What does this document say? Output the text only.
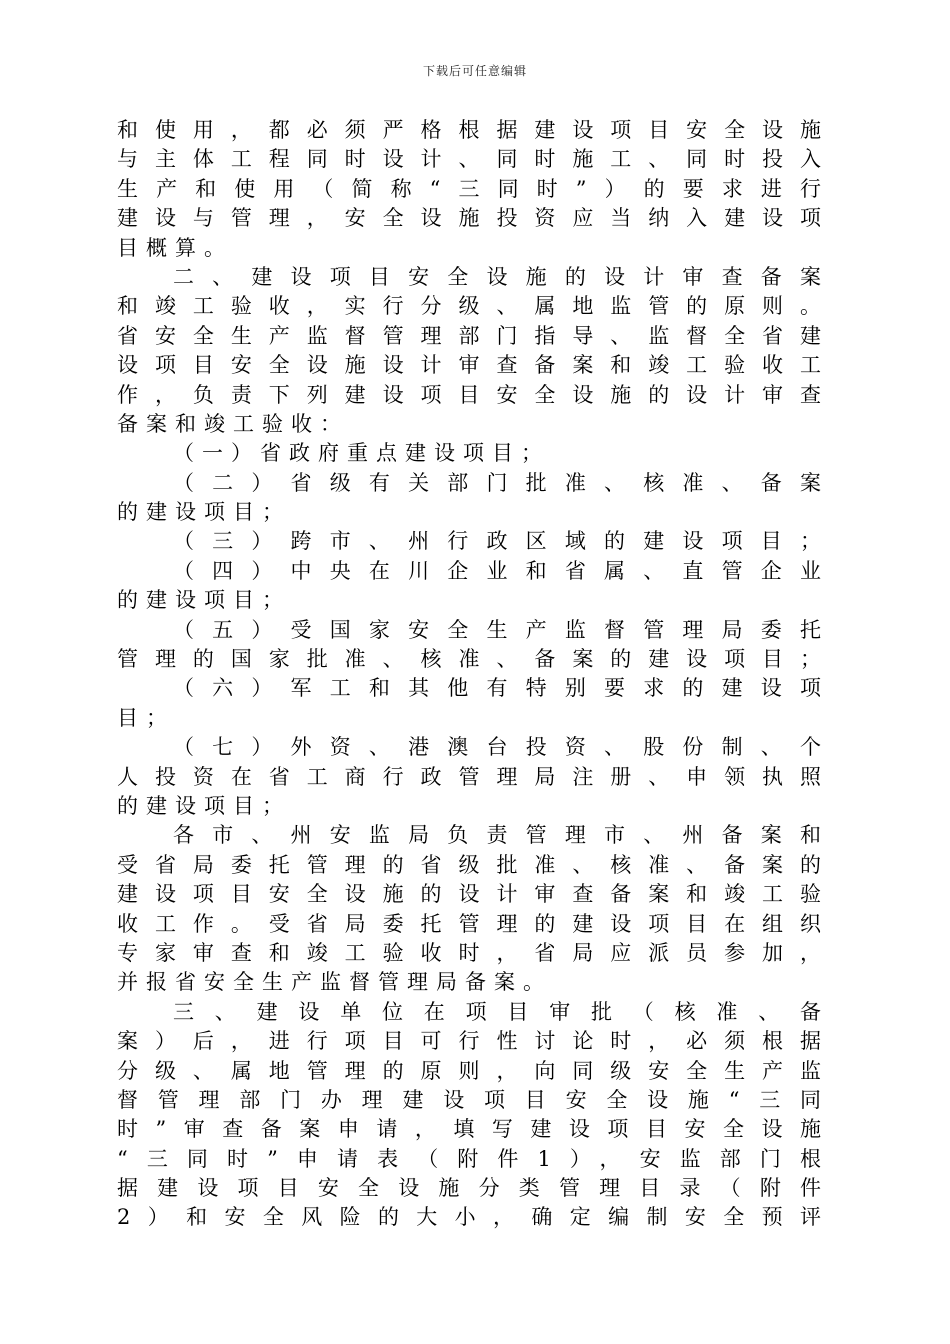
下载后可任意编辑
和使用，都必须严格根据建设项目安全设施
与主体工程同时设计、同时施工、同时投入
生产和使用（简称“三同时”）的要求进行
建设与管理，安全设施投资应当纳入建设项
目概算。
二、建设项目安全设施的设计审查备案
和竣工验收，实行分级、属地监管的原则。
省安全生产监督管理部门指导、监督全省建
设项目安全设施设计审查备案和竣工验收工
作，负责下列建设项目安全设施的设计审查
备案和竣工验收：
（一）省政府重点建设项目；
（二）省级有关部门批准、核准、备案
的建设项目；
（三）跨市、州行政区域的建设项目；
（四）中央在川企业和省属、直管企业
的建设项目；
（五）受国家安全生产监督管理局委托
管理的国家批准、核准、备案的建设项目；
（六）军工和其他有特别要求的建设项
目；
（七）外资、港澳台投资、股份制、个
人投资在省工商行政管理局注册、申领执照
的建设项目；
各市、州安监局负责管理市、州备案和
受省局委托管理的省级批准、核准、备案的
建设项目安全设施的设计审查备案和竣工验
收工作。受省局委托管理的建设项目在组织
专家审查和竣工验收时，省局应派员参加，
并报省安全生产监督管理局备案。
三、建设单位在项目审批（核准、备
案）后，进行项目可行性讨论时，必须根据
分级、属地管理的原则，向同级安全生产监
督管理部门办理建设项目安全设施“三同
时”审查备案申请，填写建设项目安全设施
“三同时”申请表（附件1），安监部门根
据建设项目安全设施分类管理目录（附件
2）和安全风险的大小，确定编制安全预评
